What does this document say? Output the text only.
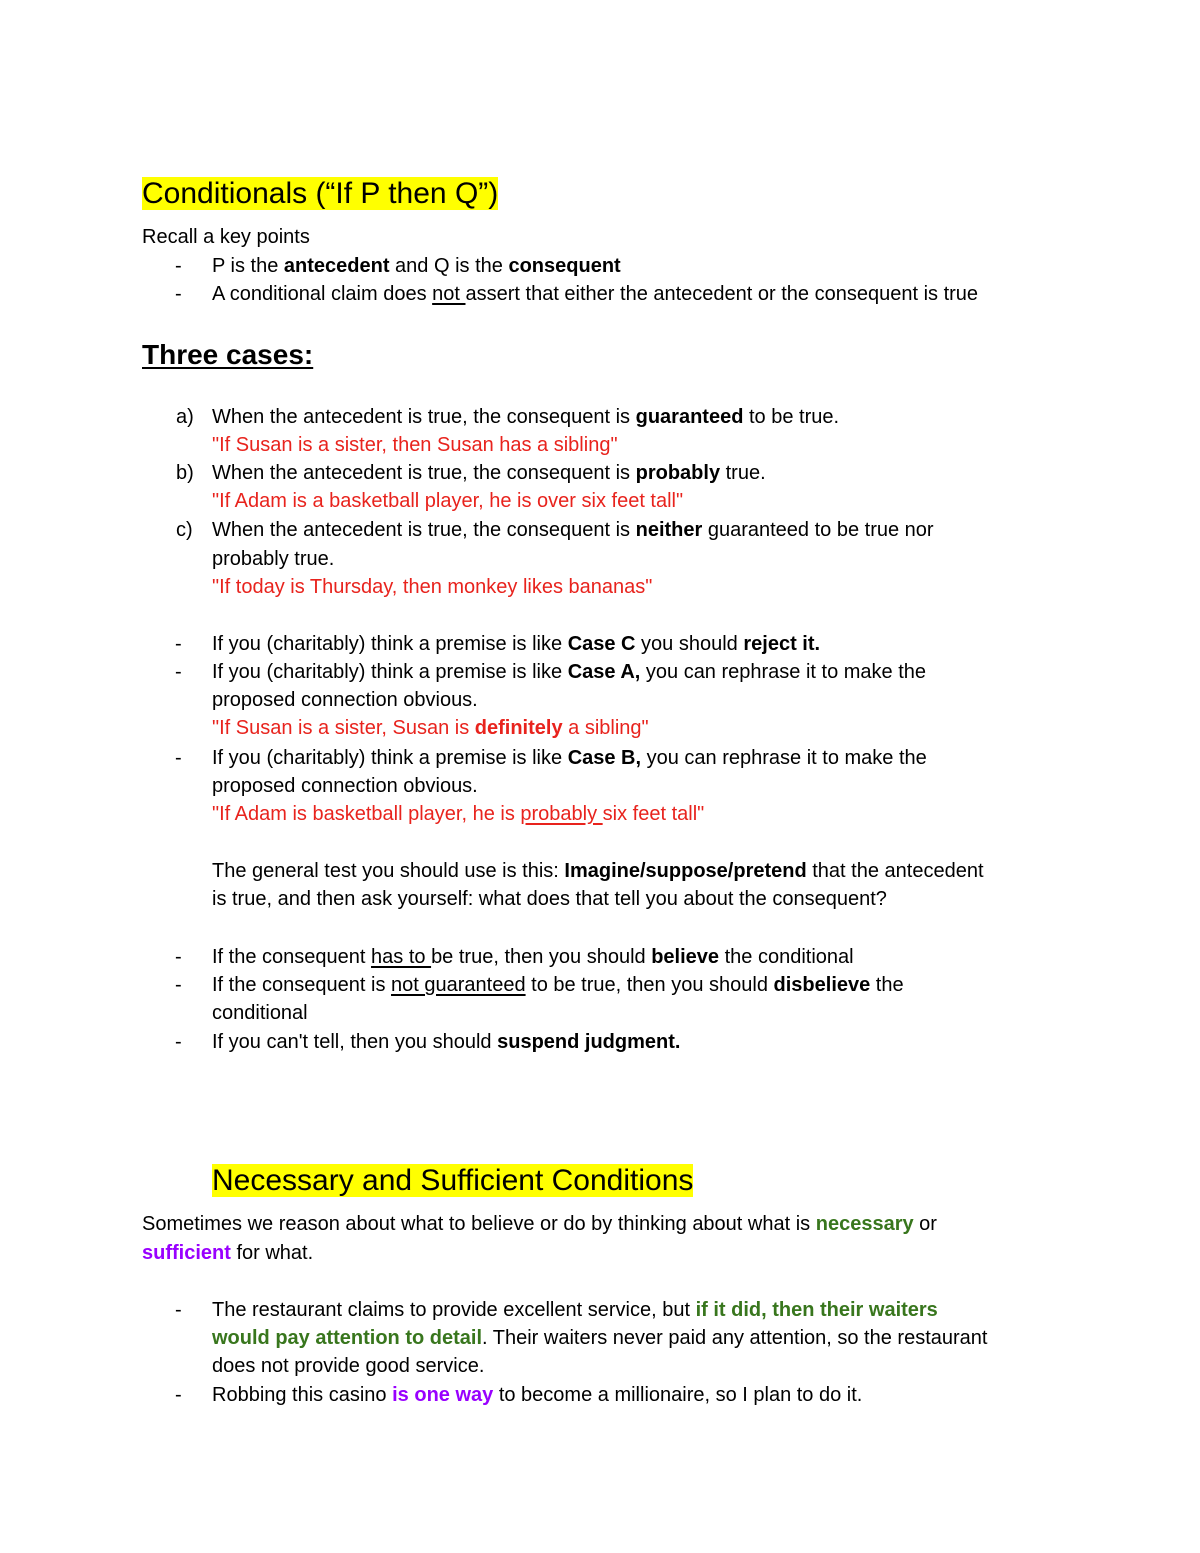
Conditionals (“If P then Q”)
Recall a key points
- P is the antecedent and Q is the consequent
- A conditional claim does not assert that either the antecedent or the consequent is true
Three cases:
a) When the antecedent is true, the consequent is guaranteed to be true.
"If Susan is a sister, then Susan has a sibling"
b) When the antecedent is true, the consequent is probably true.
"If Adam is a basketball player, he is over six feet tall"
c) When the antecedent is true, the consequent is neither guaranteed to be true nor
probably true.
"If today is Thursday, then monkey likes bananas"
- If you (charitably) think a premise is like Case C you should reject it.
- If you (charitably) think a premise is like Case A, you can rephrase it to make the
proposed connection obvious.
"If Susan is a sister, Susan is definitely a sibling"
- If you (charitably) think a premise is like Case B, you can rephrase it to make the
proposed connection obvious.
"If Adam is basketball player, he is probably six feet tall"
The general test you should use is this: Imagine/suppose/pretend that the antecedent
is true, and then ask yourself: what does that tell you about the consequent?
- If the consequent has to be true, then you should believe the conditional
- If the consequent is not guaranteed to be true, then you should disbelieve the
conditional
- If you can't tell, then you should suspend judgment.
Necessary and Sufficient Conditions
Sometimes we reason about what to believe or do by thinking about what is necessary or
sufficient for what.
- The restaurant claims to provide excellent service, but if it did, then their waiters
would pay attention to detail. Their waiters never paid any attention, so the restaurant
does not provide good service.
- Robbing this casino is one way to become a millionaire, so I plan to do it.
